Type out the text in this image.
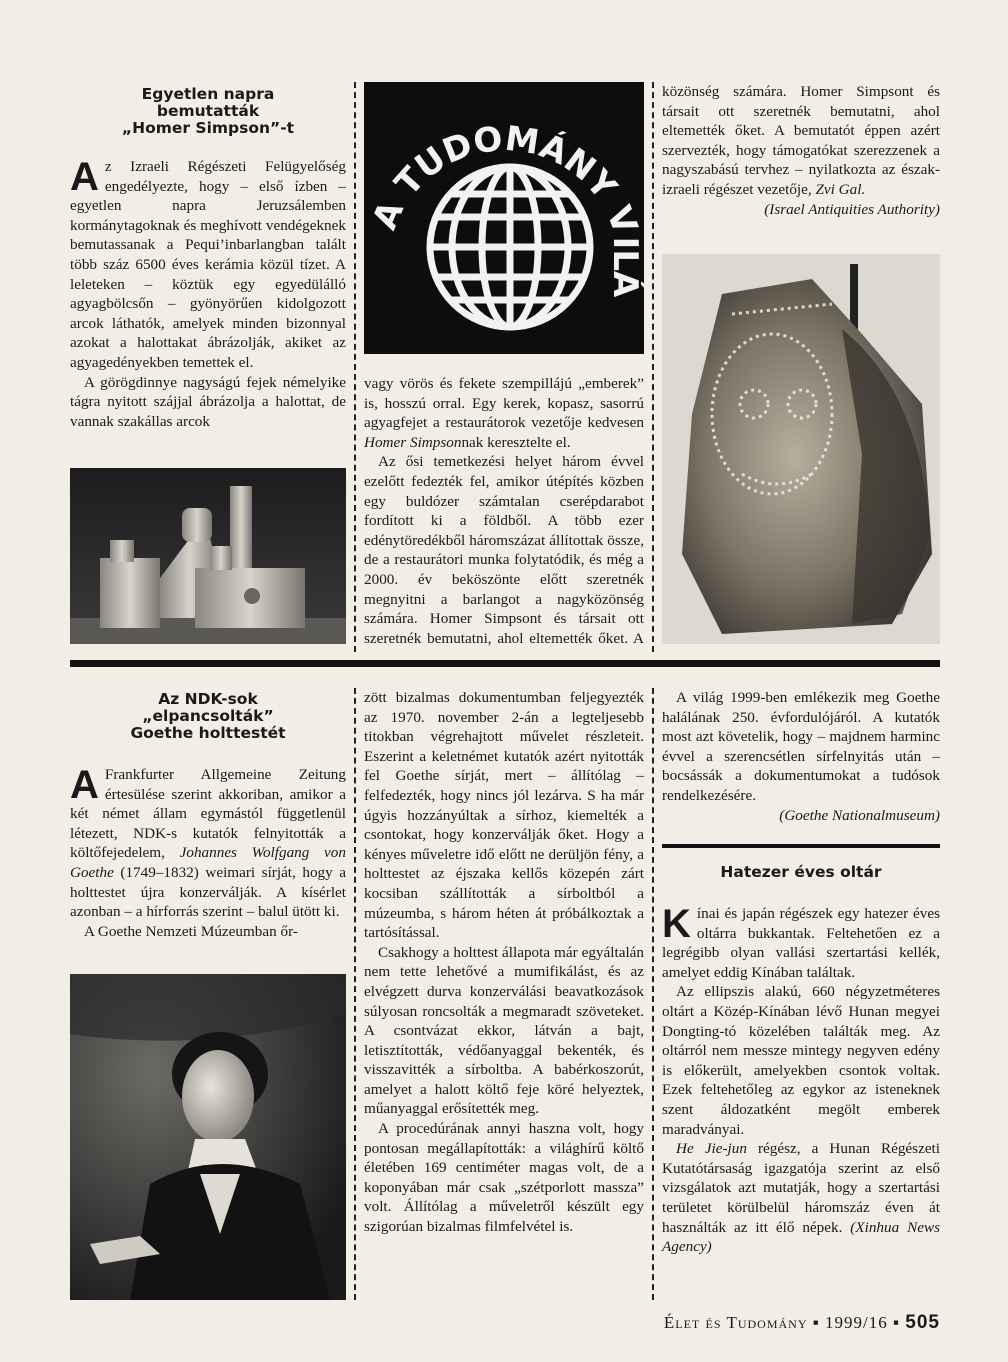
Egyetlen napra
bemutatták
„Homer Simpson”-t

Az Izraeli Régészeti Felügyelőség engedélyezte, hogy – első ízben – egyetlen napra Jeruzsálemben kormánytagoknak és meghívott vendégeknek bemutassanak a Pequi’inbarlangban talált több száz 6500 éves kerámia közül tízet. A leleteken – köztük egy egyedülálló agyagbölcsőn – gyönyörűen kidolgozott arcok láthatók, amelyek minden bizonnyal azokat a halottakat ábrázolják, akiket az agyagedényekben temettek el.

A görögdinnye nagyságú fejek némelyike tágra nyitott szájjal ábrázolja a halottat, de vannak szakállas arcok

A TUDOMÁNY VILÁ

vagy vörös és fekete szempillájú „emberek” is, hosszú orral. Egy kerek, kopasz, sasorrú agyagfejet a restaurátorok vezetője kedvesen Homer Simpsonnak keresztelte el.

Az ősi temetkezési helyet három évvel ezelőtt fedezték fel, amikor útépítés közben egy buldózer számtalan cserépdarabot fordított ki a földből. A több ezer edénytöredékből háromszázat állítottak össze, de a restaurátori munka folytatódik, és még a 2000. év beköszönte előtt szeretnék megnyitni a barlangot a nagyközönség számára. Homer Simpsont és társait ott szeretnék bemutatni, ahol eltemették őket. A

közönség számára. Homer Simpsont és társait ott szeretnék bemutatni, ahol eltemették őket. A bemutatót éppen azért szervezték, hogy támogatókat szerezzenek a nagyszabású tervhez – nyilatkozta az észak-izraeli régészet vezetője, Zvi Gal.

(Israel Antiquities Authority)

Az NDK-sok
„elpancsolták”
Goethe holttestét

A Frankfurter Allgemeine Zeitung értesülése szerint akkoriban, amikor a két német állam egymástól függetlenül létezett, NDK-s kutatók felnyitották a költőfejedelem, Johannes Wolfgang von Goethe (1749–1832) weimari sírját, hogy a holttestet újra konzerválják. A kísérlet azonban – a hírforrás szerint – balul ütött ki.

A Goethe Nemzeti Múzeumban őr-

zött bizalmas dokumentumban feljegyezték az 1970. november 2-án a legteljesebb titokban végrehajtott művelet részleteit. Eszerint a keletnémet kutatók azért nyitották fel Goethe sírját, mert – állítólag – felfedezték, hogy nincs jól lezárva. S ha már úgyis hozzányúltak a sírhoz, kiemelték a csontokat, hogy konzerválják őket. Hogy a kényes műveletre idő előtt ne derüljön fény, a holttestet az éjszaka kellős közepén zárt kocsiban szállították a sírboltból a múzeumba, s három héten át próbálkoztak a tartósítással.

Csakhogy a holttest állapota már egyáltalán nem tette lehetővé a mumifikálást, és az elvégzett durva konzerválási beavatkozások súlyosan roncsolták a megmaradt szöveteket. A csontvázat ekkor, látván a bajt, letisztították, védőanyaggal bekenték, és visszavitték a sírboltba. A babérkoszorút, amelyet a halott költő feje köré helyeztek, műanyaggal erősítették meg.

A procedúrának annyi haszna volt, hogy pontosan megállapították: a világhírű költő életében 169 centiméter magas volt, de a koponyában már csak „szétporlott massza” volt. Állítólag a műveletről készült egy szigorúan bizalmas filmfelvétel is.

A világ 1999-ben emlékezik meg Goethe halálának 250. évfordulójáról. A kutatók most azt követelik, hogy – majdnem harminc évvel a szerencsétlen sírfelnyitás után – bocsássák a dokumentumokat a tudósok rendelkezésére.

(Goethe Nationalmuseum)

Hatezer éves oltár

Kínai és japán régészek egy hatezer éves oltárra bukkantak. Feltehetően ez a legrégibb olyan vallási szertartási kellék, amelyet eddig Kínában találtak.

Az ellipszis alakú, 660 négyzetméteres oltárt a Közép-Kínában lévő Hunan megyei Dongting-tó közelében találták meg. Az oltárról nem messze mintegy negyven edény is előkerült, amelyekben csontok voltak. Ezek feltehetőleg az egykor az isteneknek szent áldozatként megölt emberek maradványai.

He Jie-jun régész, a Hunan Régészeti Kutatótársaság igazgatója szerint az első vizsgálatok azt mutatják, hogy a szertartási területet körülbelül háromszáz éven át használták az itt élő népek. (Xinhua News Agency)

Élet és Tudomány ▪ 1999/16 ▪ 505
